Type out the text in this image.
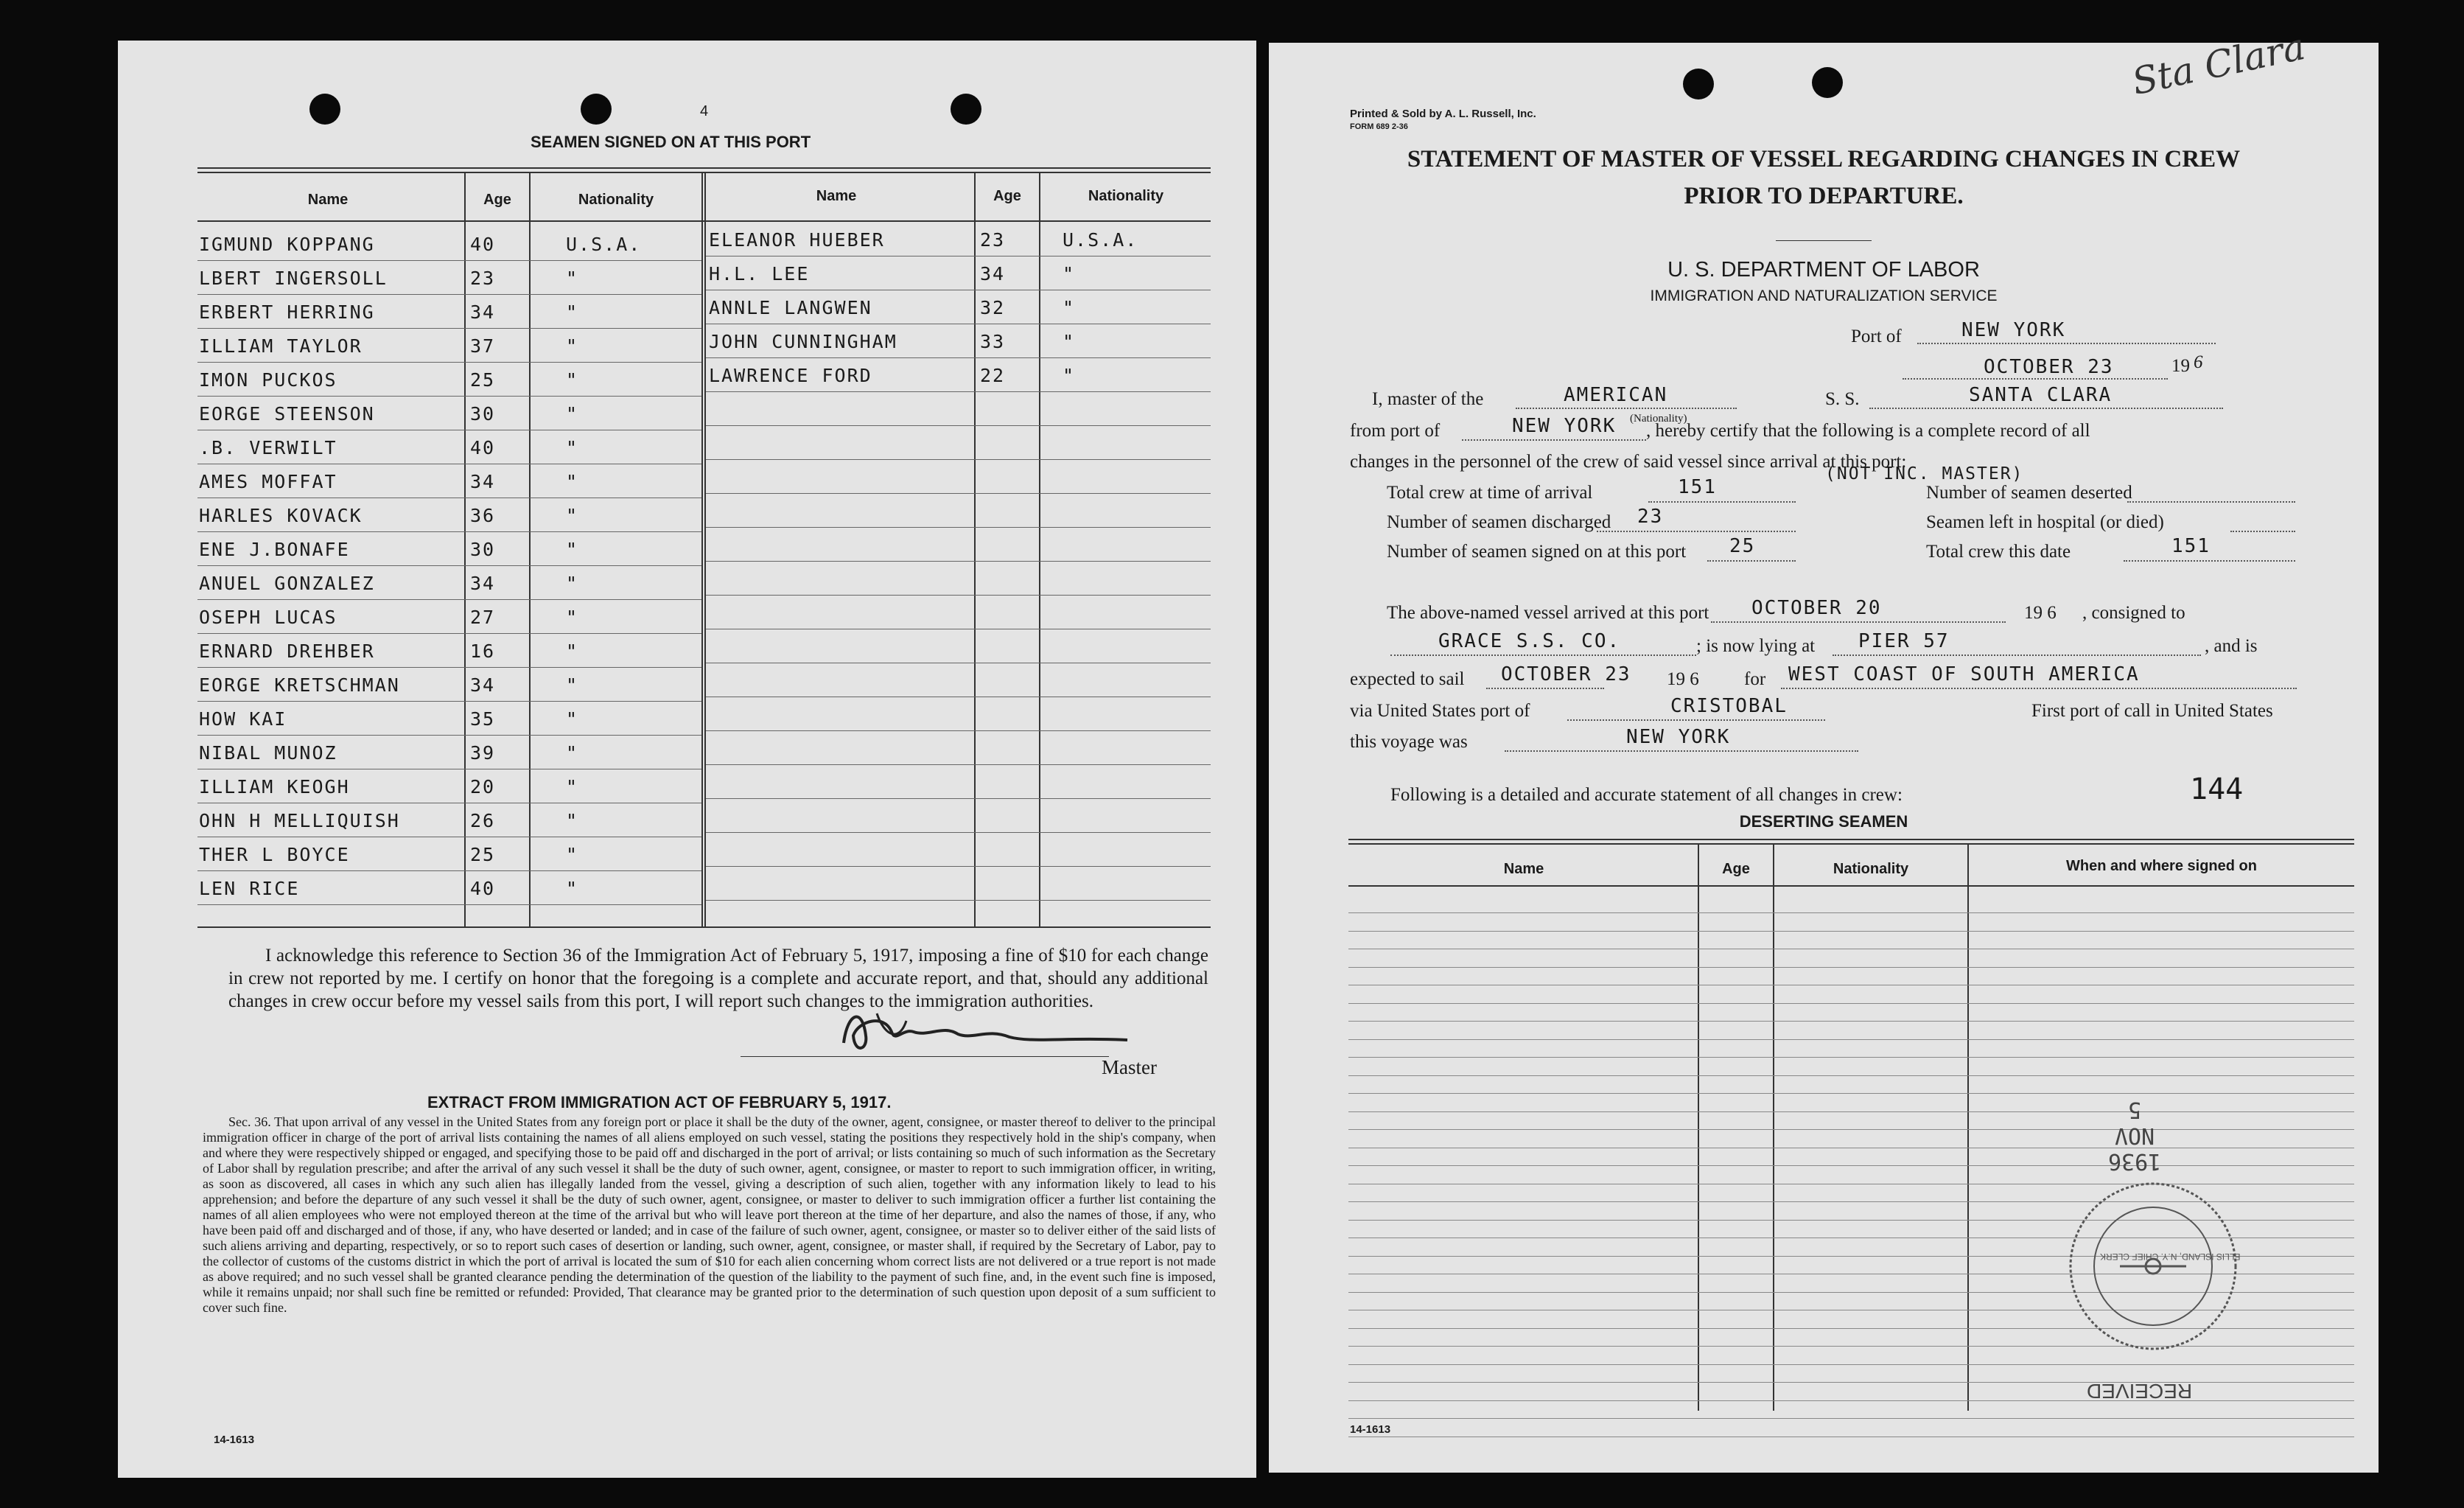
4
SEAMEN SIGNED ON AT THIS PORT
Name	Age	Nationality	Name	Age	Nationality
IGMUND KOPPANG	40	U.S.A.
LBERT INGERSOLL	23	"
ERBERT HERRING	34	"
ILLIAM TAYLOR	37	"
IMON PUCKOS	25	"
EORGE STEENSON	30	"
.B. VERWILT	40	"
AMES MOFFAT	34	"
HARLES KOVACK	36	"
ENE J.BONAFE	30	"
ANUEL GONZALEZ	34	"
OSEPH LUCAS	27	"
ERNARD DREHBER	16	"
EORGE KRETSCHMAN	34	"
HOW KAI	35	"
NIBAL MUNOZ	39	"
ILLIAM KEOGH	20	"
OHN H MELLIQUISH	26	"
THER L BOYCE	25	"
LEN RICE	40	"
ELEANOR HUEBER	23	U.S.A.
H.L. LEE	34	"
ANNLE LANGWEN	32	"
JOHN CUNNINGHAM	33	"
LAWRENCE FORD	22	"
I acknowledge this reference to Section 36 of the Immigration Act of February 5, 1917, imposing a fine of $10 for each change in crew not reported by me. I certify on honor that the foregoing is a complete and accurate report, and that, should any additional changes in crew occur before my vessel sails from this port, I will report such changes to the immigration authorities.
Master
EXTRACT FROM IMMIGRATION ACT OF FEBRUARY 5, 1917.
Sec. 36. That upon arrival of any vessel in the United States from any foreign port or place it shall be the duty of the owner, agent, consignee, or master thereof to deliver to the principal immigration officer in charge of the port of arrival lists containing the names of all aliens employed on such vessel, stating the positions they respectively hold in the ship's company, when and where they were respectively shipped or engaged, and specifying those to be paid off and discharged in the port of arrival; or lists containing so much of such information as the Secretary of Labor shall by regulation prescribe; and after the arrival of any such vessel it shall be the duty of such owner, agent, consignee, or master to report to such immigration officer, in writing, as soon as discovered, all cases in which any such alien has illegally landed from the vessel, giving a description of such alien, together with any information likely to lead to his apprehension; and before the departure of any such vessel it shall be the duty of such owner, agent, consignee, or master to deliver to such immigration officer a further list containing the names of all alien employees who were not employed thereon at the time of the arrival but who will leave port thereon at the time of her departure, and also the names of those, if any, who have been paid off and discharged and of those, if any, who have deserted or landed; and in case of the failure of such owner, agent, consignee, or master so to deliver either of the said lists of such aliens arriving and departing, respectively, or so to report such cases of desertion or landing, such owner, agent, consignee, or master shall, if required by the Secretary of Labor, pay to the collector of customs of the customs district in which the port of arrival is located the sum of $10 for each alien concerning whom correct lists are not delivered or a true report is not made as above required; and no such vessel shall be granted clearance pending the determination of the question of the liability to the payment of such fine, and, in the event such fine is imposed, while it remains unpaid; nor shall such fine be remitted or refunded: Provided, That clearance may be granted prior to the determination of such question upon deposit of a sum sufficient to cover such fine.
14-1613
Printed & Sold by A. L. Russell, Inc.
FORM 689 2-36
Sta Clara
STATEMENT OF MASTER OF VESSEL REGARDING CHANGES IN CREW
PRIOR TO DEPARTURE.
U. S. DEPARTMENT OF LABOR
IMMIGRATION AND NATURALIZATION SERVICE
Port of	NEW YORK
OCTOBER 23	19 6
I, master of the	AMERICAN	S. S.	SANTA CLARA
from port of	NEW YORK (Nationality)
, hereby certify that the following is a complete record of all
changes in the personnel of the crew of said vessel since arrival at this port:
Total crew at time of arrival	151
(NOT INC. MASTER)
Number of seamen deserted
Number of seamen discharged 23	Seamen left in hospital (or died)
Number of seamen signed on at this port 25	Total crew this date	151
The above-named vessel arrived at this port OCTOBER 20	19 6 , consigned to
GRACE S.S. CO.	; is now lying at PIER 57	, and is
expected to sail OCTOBER 23 19 6 for WEST COAST OF SOUTH AMERICA
via United States port of	CRISTOBAL	First port of call in United States
this voyage was	NEW YORK
Following is a detailed and accurate statement of all changes in crew:	144
DESERTING SEAMEN
Name	Age	Nationality	When and where signed on
1936
NOV
5
ELLIS ISLAND, N.Y. CHIEF CLERK
RECEIVED
14-1613
